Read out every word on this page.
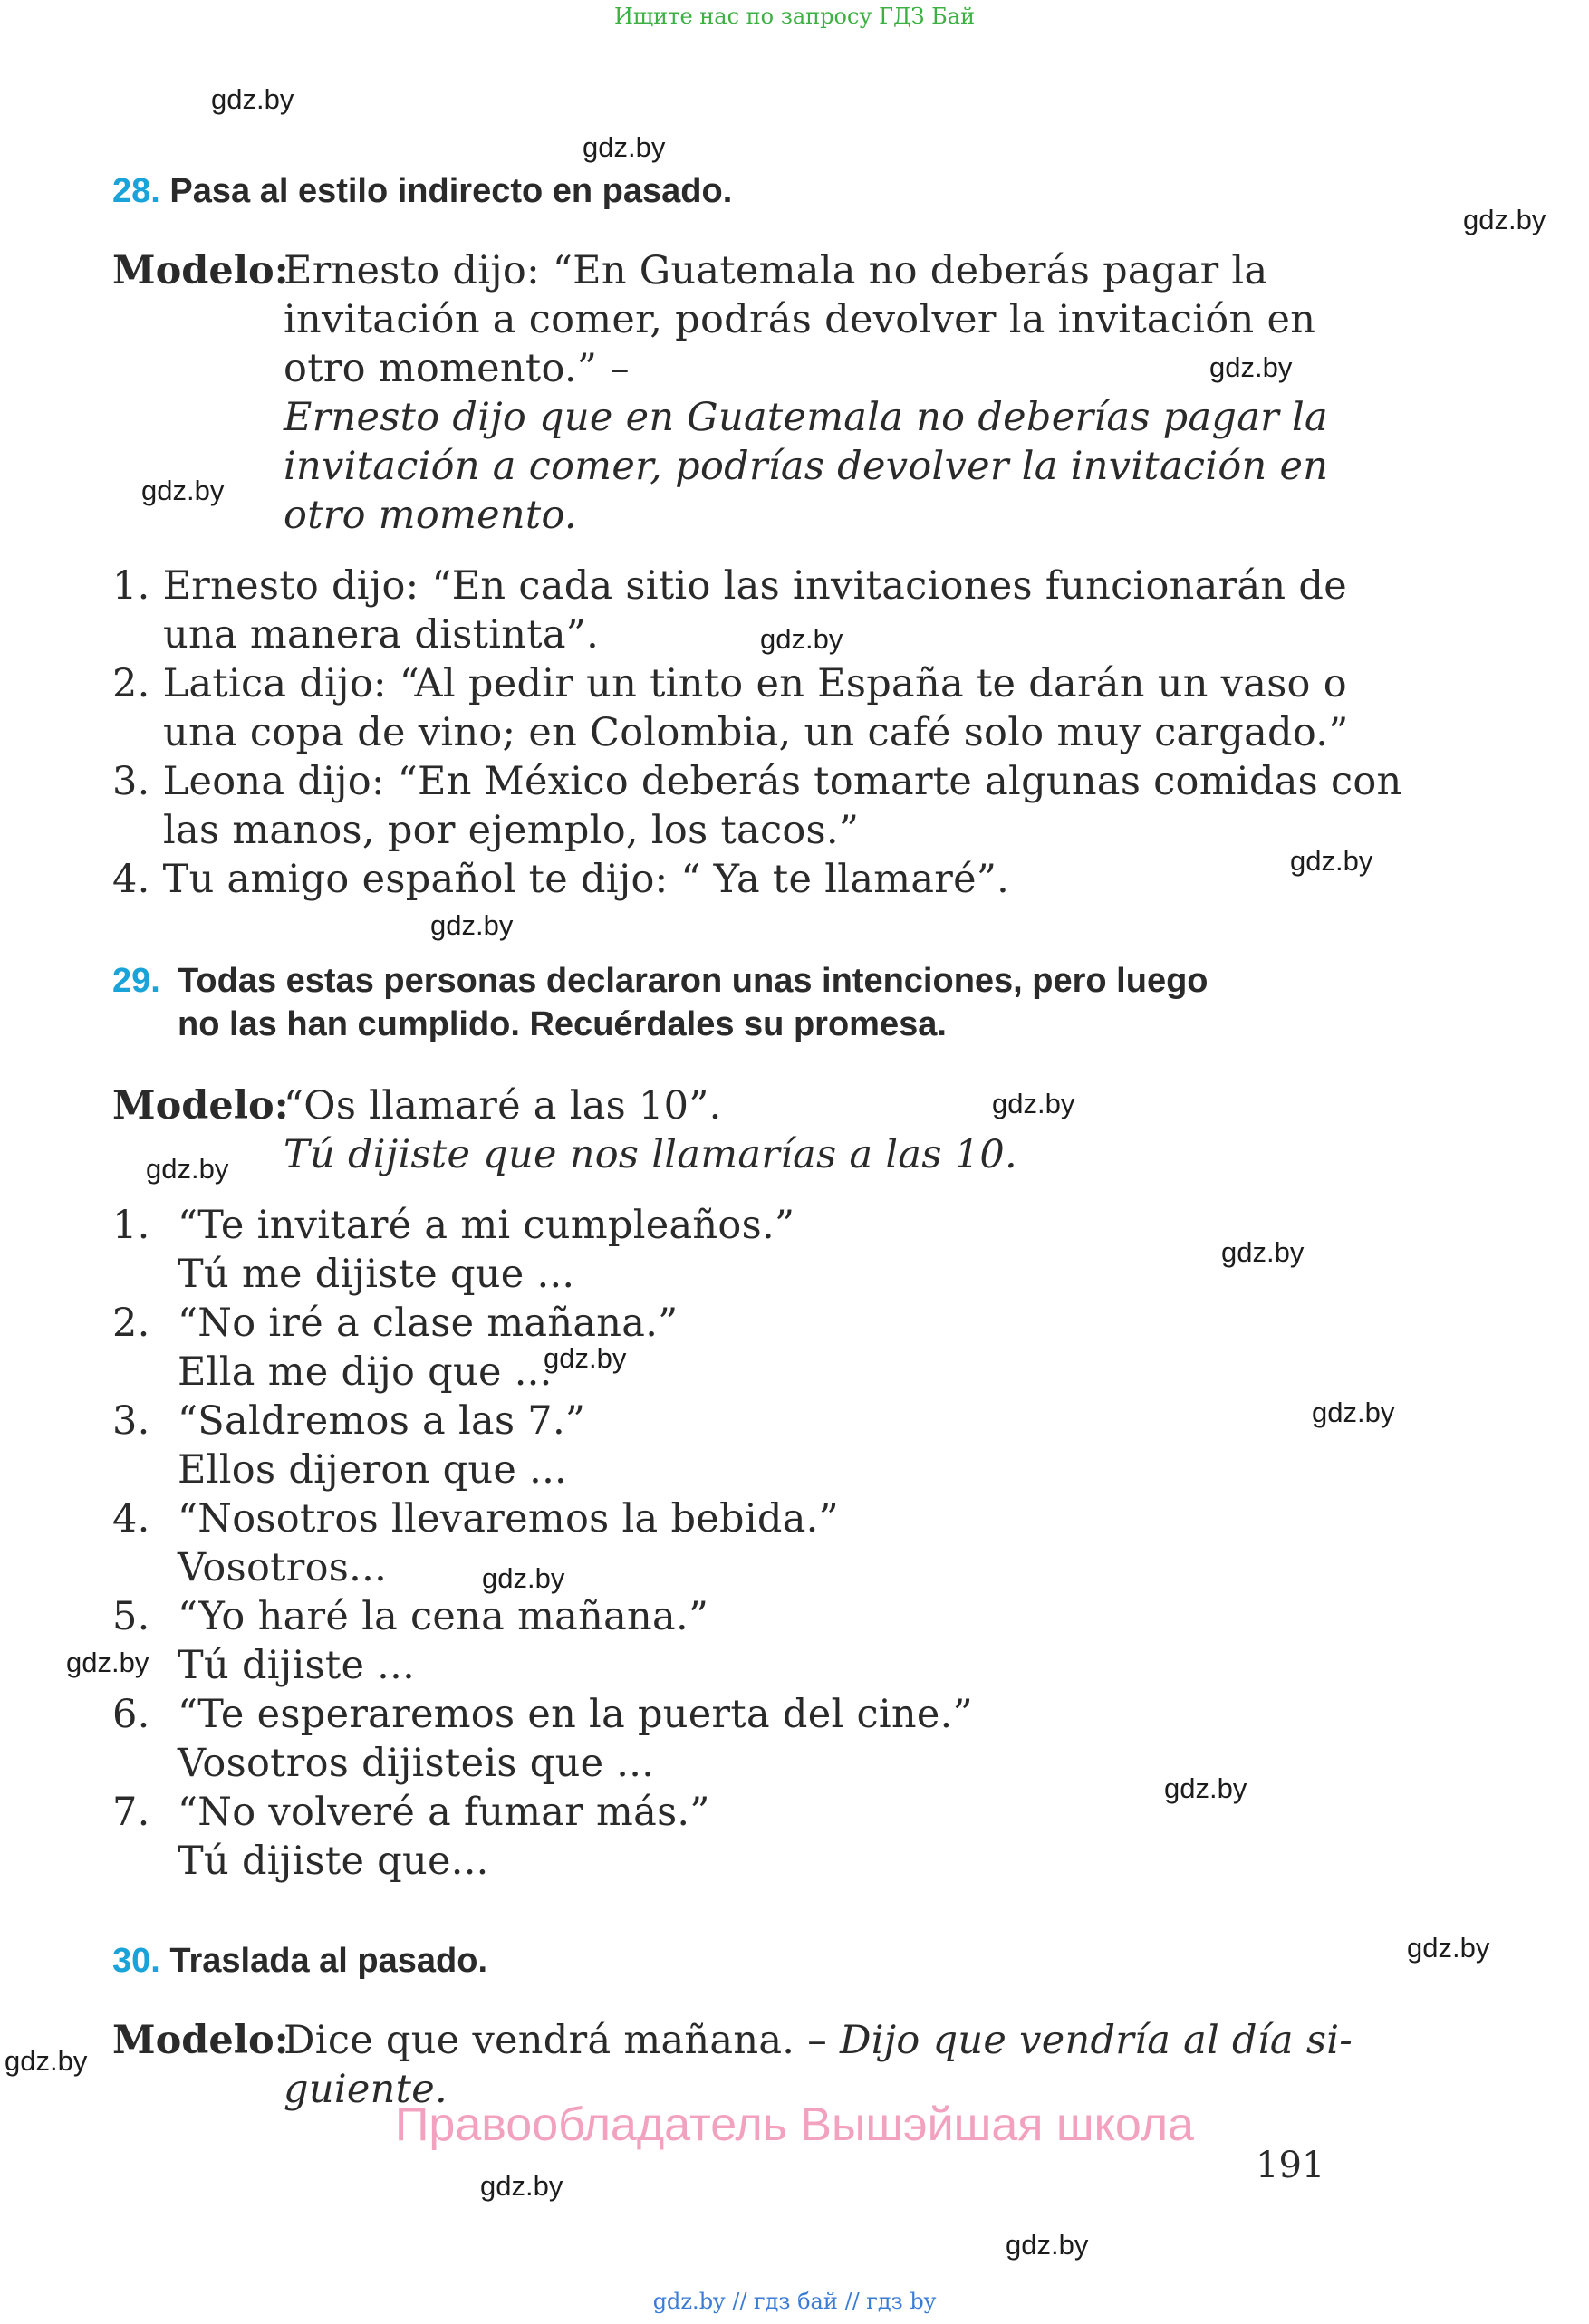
Ищите нас по запросу ГДЗ Бай
gdz.by
gdz.by
gdz.by
gdz.by
gdz.by
gdz.by
gdz.by
gdz.by
gdz.by
gdz.by
gdz.by
gdz.by
gdz.by
gdz.by
gdz.by
gdz.by
gdz.by
gdz.by
gdz.by
gdz.by
28. Pasa al estilo indirecto en pasado.
Modelo:
Ernesto dijo: “En Guatemala no deberás pagar la
invitación a comer, podrás devolver la invitación en
otro momento.” –
Ernesto dijo que en Guatemala no deberías pagar la
invitación a comer, podrías devolver la invitación en
otro momento.
1. Ernesto dijo: “En cada sitio las invitaciones funcionarán de
una manera distinta”.
2. Latica dijo: “Al pedir un tinto en España te darán un vaso o
una copa de vino; en Colombia, un café solo muy cargado.”
3. Leona dijo: “En México deberás tomarte algunas comidas con
las manos, por ejemplo, los tacos.”
4. Tu amigo español te dijo: “ Ya te llamaré”.
29. Todas estas personas declararon unas intenciones, pero luego
no las han cumplido. Recuérdales su promesa.
Modelo:
“Os llamaré a las 10”.
Tú dijiste que nos llamarías a las 10.
1. “Te invitaré a mi cumpleaños.”
Tú me dijiste que ...
2. “No iré a clase mañana.”
Ella me dijo que ...
3. “Saldremos a las 7.”
Ellos dijeron que ...
4. “Nosotros llevaremos la bebida.”
Vosotros...
5. “Yo haré la cena mañana.”
Tú dijiste ...
6. “Te esperaremos en la puerta del cine.”
Vosotros dijisteis que ...
7. “No volveré a fumar más.”
Tú dijiste que...
30. Traslada al pasado.
Modelo:
Dice que vendrá mañana. – Dijo que vendría al día si-
guiente.
Правообладатель Вышэйшая школа
191
gdz.by // гдз бай // гдз by
